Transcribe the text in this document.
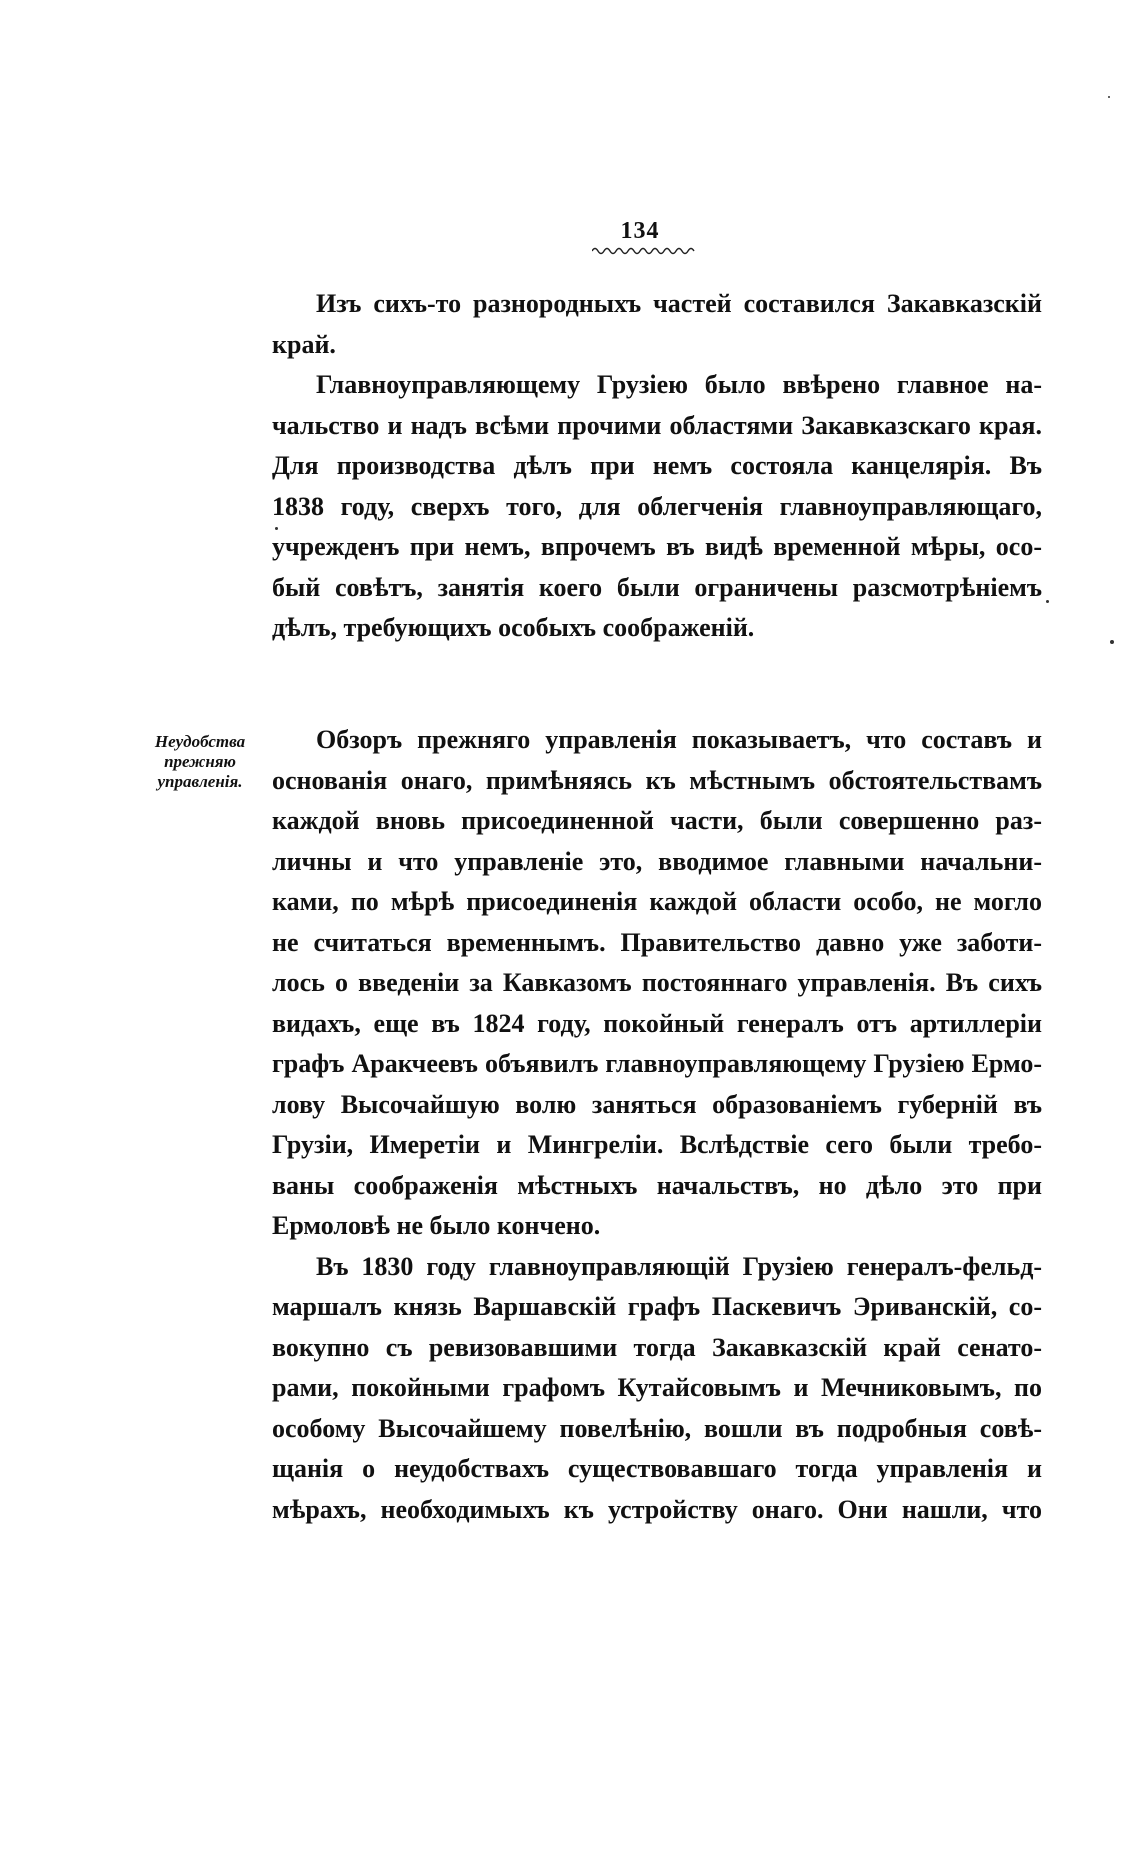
134
Изъ сихъ-то разнородныхъ частей составился Закавказскій
край.
Главноуправляющему Грузіею было ввѣрено главное на-
чальство и надъ всѣми прочими областями Закавказскаго края.
Для производства дѣлъ при немъ состояла канцелярія. Въ
1838 году, сверхъ того, для облегченія главноуправляющаго,
учрежденъ при немъ, впрочемъ въ видѣ временной мѣры, осо-
бый совѣтъ, занятія коего были ограничены разсмотрѣніемъ
дѣлъ, требующихъ особыхъ соображеній.
Неудобства
прежняю
управленія.
Обзоръ прежняго управленія показываетъ, что составъ и
основанія онаго, примѣняясь къ мѣстнымъ обстоятельствамъ
каждой вновь присоединенной части, были совершенно раз-
личны и что управленіе это, вводимое главными начальни-
ками, по мѣрѣ присоединенія каждой области особо, не могло
не считаться временнымъ. Правительство давно уже заботи-
лось о введеніи за Кавказомъ постояннаго управленія. Въ сихъ
видахъ, еще въ 1824 году, покойный генералъ отъ артиллеріи
графъ Аракчеевъ объявилъ главноуправляющему Грузіею Ермо-
лову Высочайшую волю заняться образованіемъ губерній въ
Грузіи, Имеретіи и Мингреліи. Вслѣдствіе сего были требо-
ваны соображенія мѣстныхъ начальствъ, но дѣло это при
Ермоловѣ не было кончено.
Въ 1830 году главноуправляющій Грузіею генералъ-фельд-
маршалъ князь Варшавскій графъ Паскевичъ Эриванскій, со-
вокупно съ ревизовавшими тогда Закавказскій край сенато-
рами, покойными графомъ Кутайсовымъ и Мечниковымъ, по
особому Высочайшему повелѣнію, вошли въ подробныя совѣ-
щанія о неудобствахъ существовавшаго тогда управленія и
мѣрахъ, необходимыхъ къ устройству онаго. Они нашли, что
